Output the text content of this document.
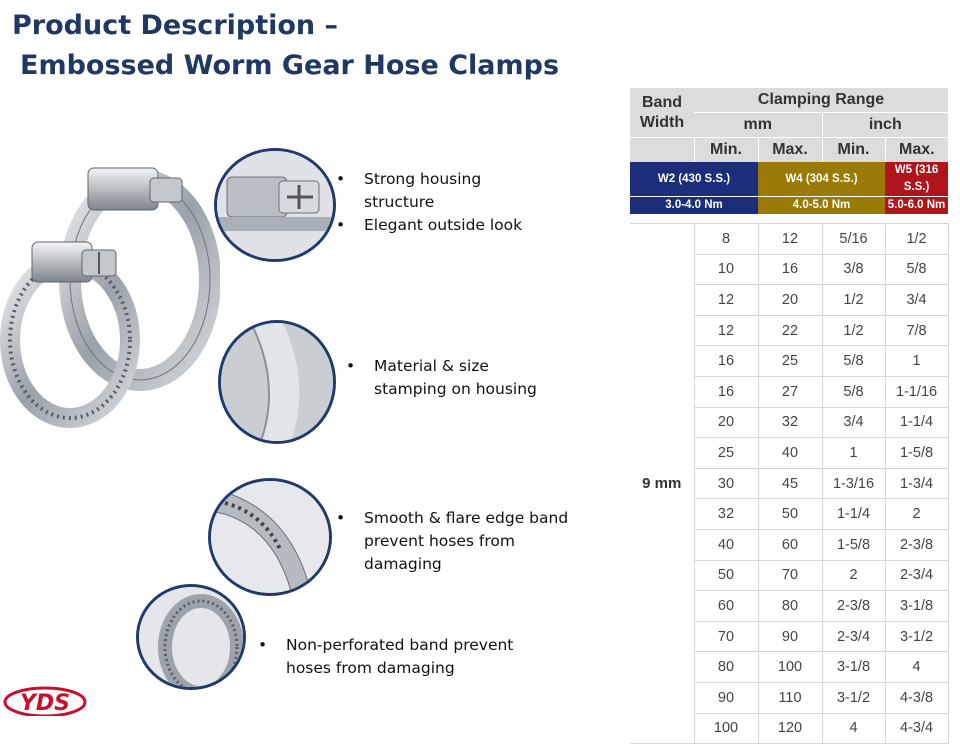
Product Description –
Embossed Worm Gear Hose Clamps
• Strong housing structure
• Elegant outside look
• Material & size stamping on housing
• Smooth & flare edge band prevent hoses from damaging
• Non-perforated band prevent hoses from damaging
W2 (430 S.S.)		W4 (304 S.S.)		W5 (316 S.S.)
3.0-4.0 Nm		4.0-5.0 Nm		5.0-6.0 Nm
Band Width	Clamping Range			
	mm		inch	
	Min.	Max.	Min.	Max.

9 mm	8	12	5/16	1/2
	10	16	3/8	5/8
	12	20	1/2	3/4
	12	22	1/2	7/8
	16	25	5/8	1
	16	27	5/8	1-1/16
	20	32	3/4	1-1/4
	25	40	1	1-5/8
	30	45	1-3/16	1-3/4
	32	50	1-1/4	2
	40	60	1-5/8	2-3/8
	50	70	2	2-3/4
	60	80	2-3/8	3-1/8
	70	90	2-3/4	3-1/2
	80	100	3-1/8	4
	90	110	3-1/2	4-3/8
	100	120	4	4-3/4
YDS
